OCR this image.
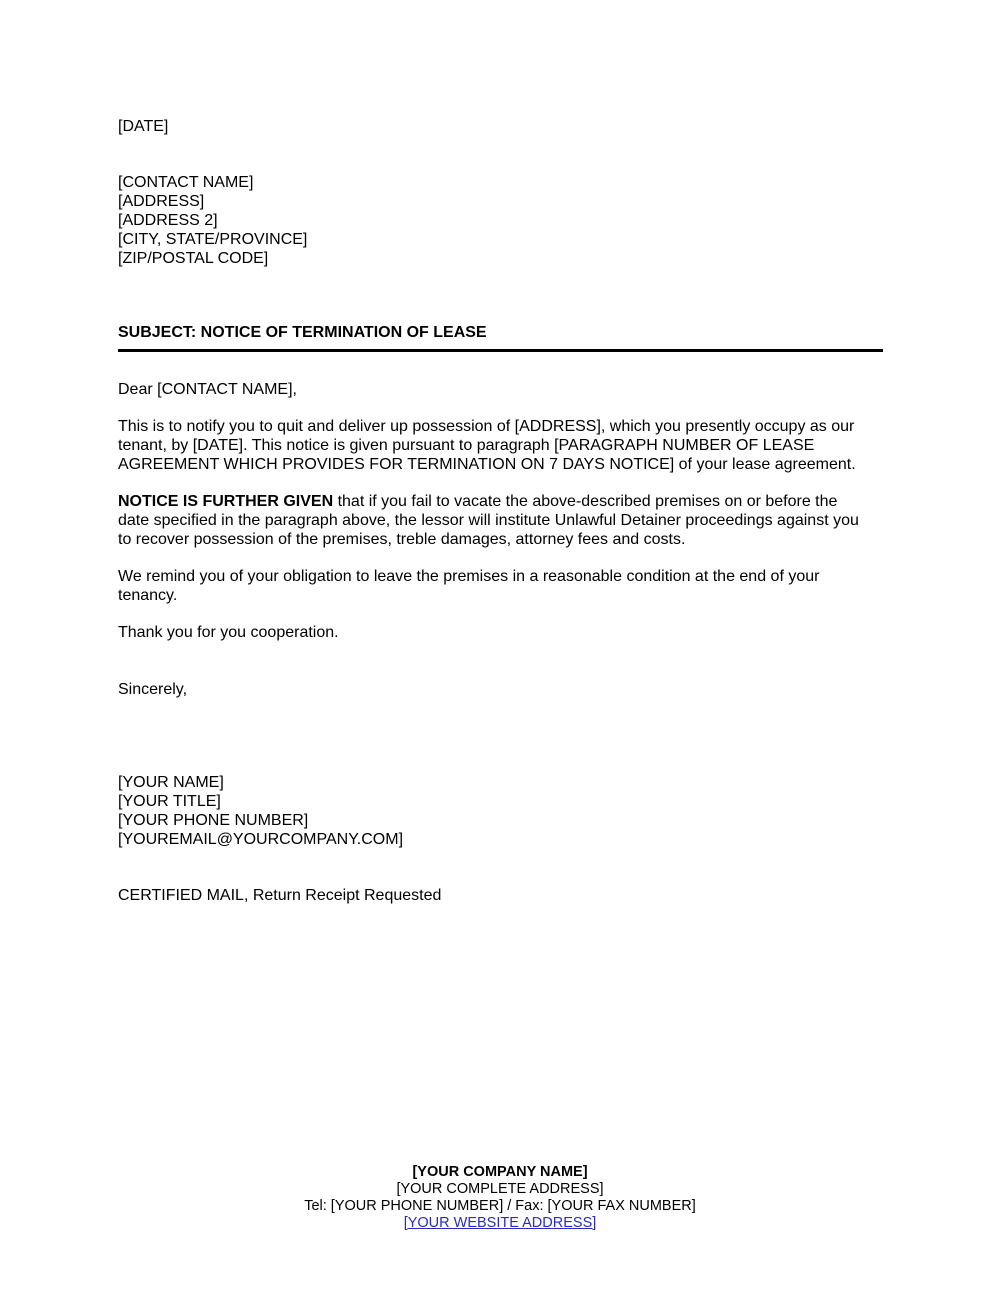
[DATE]
[CONTACT NAME]
[ADDRESS]
[ADDRESS 2]
[CITY, STATE/PROVINCE]
[ZIP/POSTAL CODE]
SUBJECT: NOTICE OF TERMINATION OF LEASE
Dear [CONTACT NAME],
This is to notify you to quit and deliver up possession of [ADDRESS], which you presently occupy as our
tenant, by [DATE]. This notice is given pursuant to paragraph [PARAGRAPH NUMBER OF LEASE
AGREEMENT WHICH PROVIDES FOR TERMINATION ON 7 DAYS NOTICE] of your lease agreement.
NOTICE IS FURTHER GIVEN that if you fail to vacate the above-described premises on or before the
date specified in the paragraph above, the lessor will institute Unlawful Detainer proceedings against you
to recover possession of the premises, treble damages, attorney fees and costs.
We remind you of your obligation to leave the premises in a reasonable condition at the end of your
tenancy.
Thank you for you cooperation.
Sincerely,
[YOUR NAME]
[YOUR TITLE]
[YOUR PHONE NUMBER]
[YOUREMAIL@YOURCOMPANY.COM]
CERTIFIED MAIL, Return Receipt Requested
[YOUR COMPANY NAME]
[YOUR COMPLETE ADDRESS]
Tel: [YOUR PHONE NUMBER] / Fax: [YOUR FAX NUMBER]
[YOUR WEBSITE ADDRESS]
